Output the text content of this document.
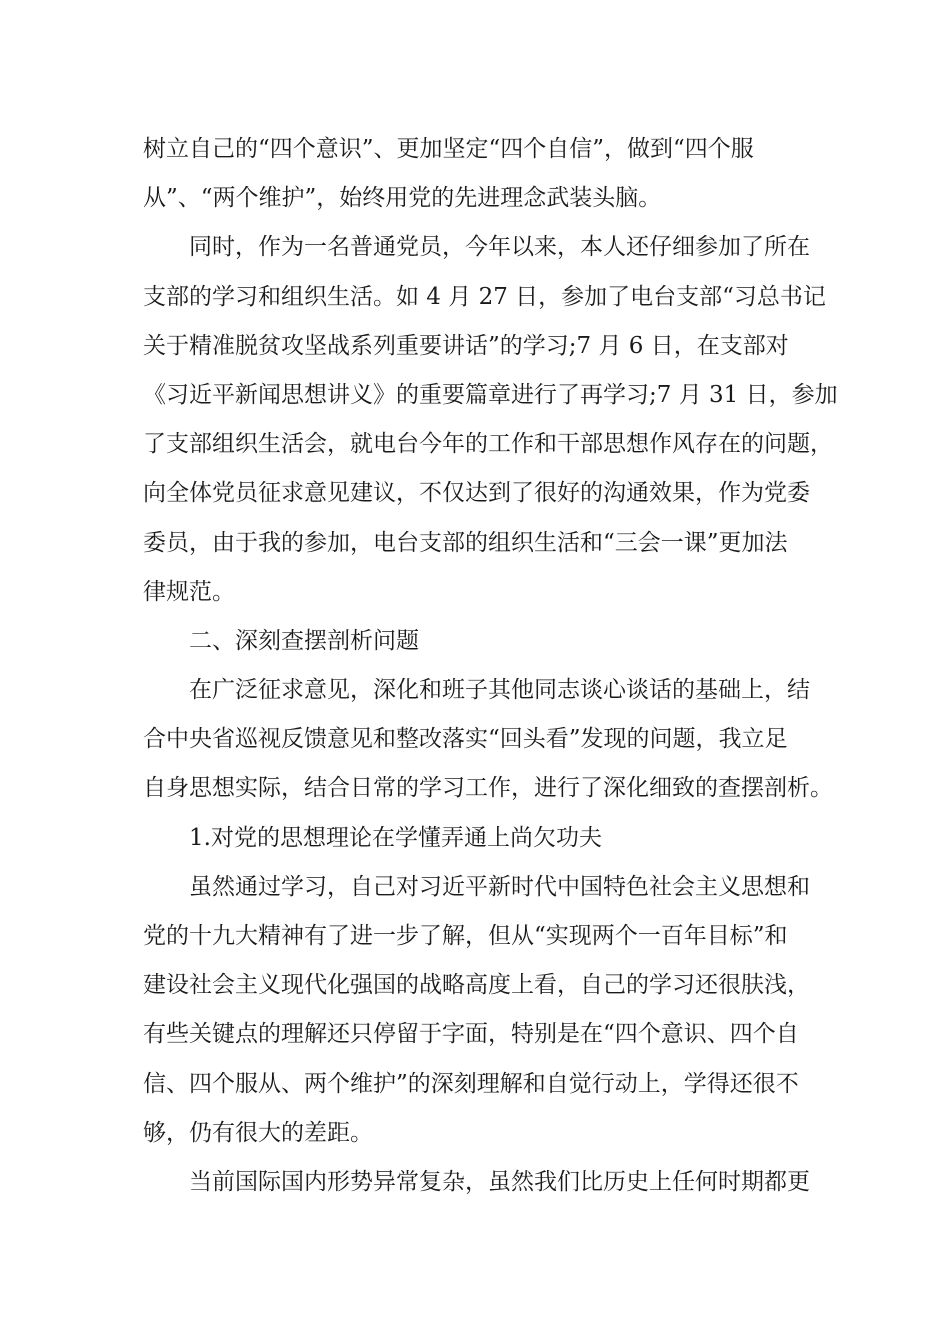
树立自己的“四个意识”、更加坚定“四个自信”，做到“四个服
从”、“两个维护”，始终用党的先进理念武装头脑。
同时，作为一名普通党员，今年以来，本人还仔细参加了所在
支部的学习和组织生活。如 4 月 27 日，参加了电台支部“习总书记
关于精准脱贫攻坚战系列重要讲话”的学习;7 月 6 日，在支部对
《习近平新闻思想讲义》的重要篇章进行了再学习;7 月 31 日，参加
了支部组织生活会，就电台今年的工作和干部思想作风存在的问题，
向全体党员征求意见建议，不仅达到了很好的沟通效果，作为党委
委员，由于我的参加，电台支部的组织生活和“三会一课”更加法
律规范。
二、深刻查摆剖析问题
在广泛征求意见，深化和班子其他同志谈心谈话的基础上，结
合中央省巡视反馈意见和整改落实“回头看”发现的问题，我立足
自身思想实际，结合日常的学习工作，进行了深化细致的查摆剖析。
1.对党的思想理论在学懂弄通上尚欠功夫
虽然通过学习，自己对习近平新时代中国特色社会主义思想和
党的十九大精神有了进一步了解，但从“实现两个一百年目标”和
建设社会主义现代化强国的战略高度上看，自己的学习还很肤浅，
有些关键点的理解还只停留于字面，特别是在“四个意识、四个自
信、四个服从、两个维护”的深刻理解和自觉行动上，学得还很不
够，仍有很大的差距。
当前国际国内形势异常复杂，虽然我们比历史上任何时期都更
